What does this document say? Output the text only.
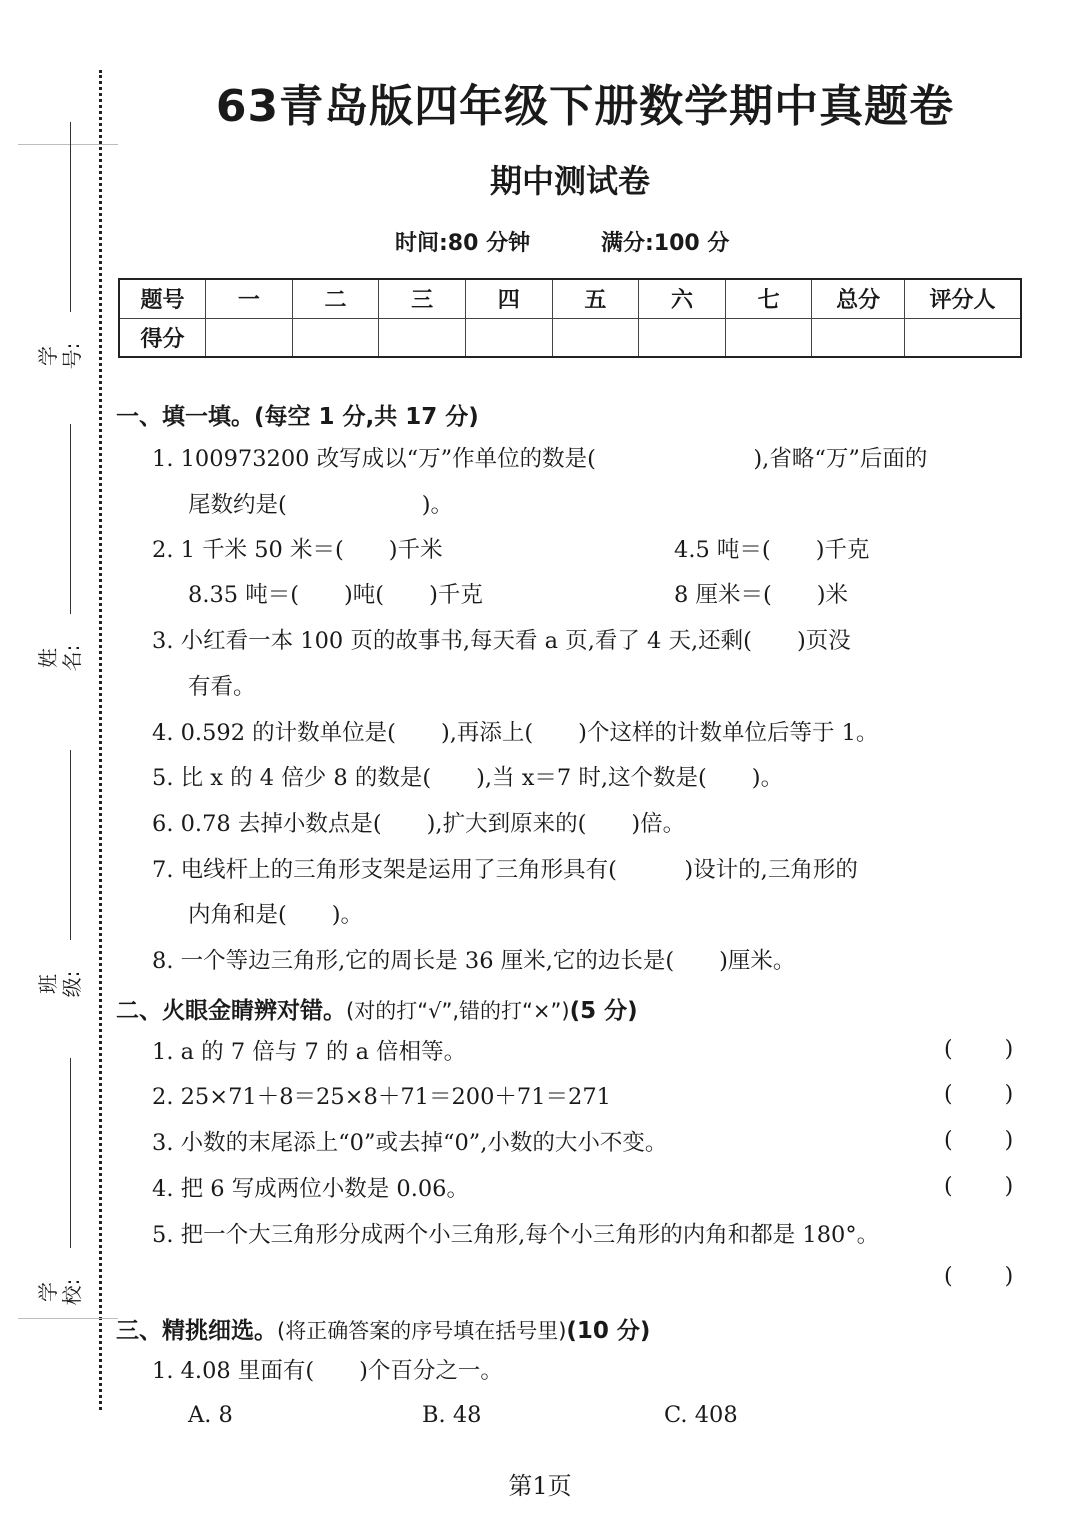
学号:
姓名:
班级:
学校:
63青岛版四年级下册数学期中真题卷
期中测试卷
时间:80 分钟	满分:100 分
题号	一	二	三	四	五	六	七	总分	评分人
得分									
一、填一填。(每空 1 分,共 17 分)
1. 100973200 改写成以“万”作单位的数是(　　　　　　　),省略“万”后面的
尾数约是(　　　　　　)。
2. 1 千米 50 米＝(　　)千米	4.5 吨＝(　　)千克
8.35 吨＝(　　)吨(　　)千克	8 厘米＝(　　)米
3. 小红看一本 100 页的故事书,每天看 a 页,看了 4 天,还剩(　　)页没
有看。
4. 0.592 的计数单位是(　　),再添上(　　)个这样的计数单位后等于 1。
5. 比 x 的 4 倍少 8 的数是(　　),当 x＝7 时,这个数是(　　)。
6. 0.78 去掉小数点是(　　),扩大到原来的(　　)倍。
7. 电线杆上的三角形支架是运用了三角形具有(　　　)设计的,三角形的
内角和是(　　)。
8. 一个等边三角形,它的周长是 36 厘米,它的边长是(　　)厘米。
二、火眼金睛辨对错。(对的打“√”,错的打“×”)(5 分)
1. a 的 7 倍与 7 的 a 倍相等。	( )
2. 25×71＋8＝25×8＋71＝200＋71＝271	( )
3. 小数的末尾添上“0”或去掉“0”,小数的大小不变。	( )
4. 把 6 写成两位小数是 0.06。	( )
5. 把一个大三角形分成两个小三角形,每个小三角形的内角和都是 180°。
( )
三、精挑细选。(将正确答案的序号填在括号里)(10 分)
1. 4.08 里面有(　　)个百分之一。
A. 8	B. 48	C. 408
第1页
